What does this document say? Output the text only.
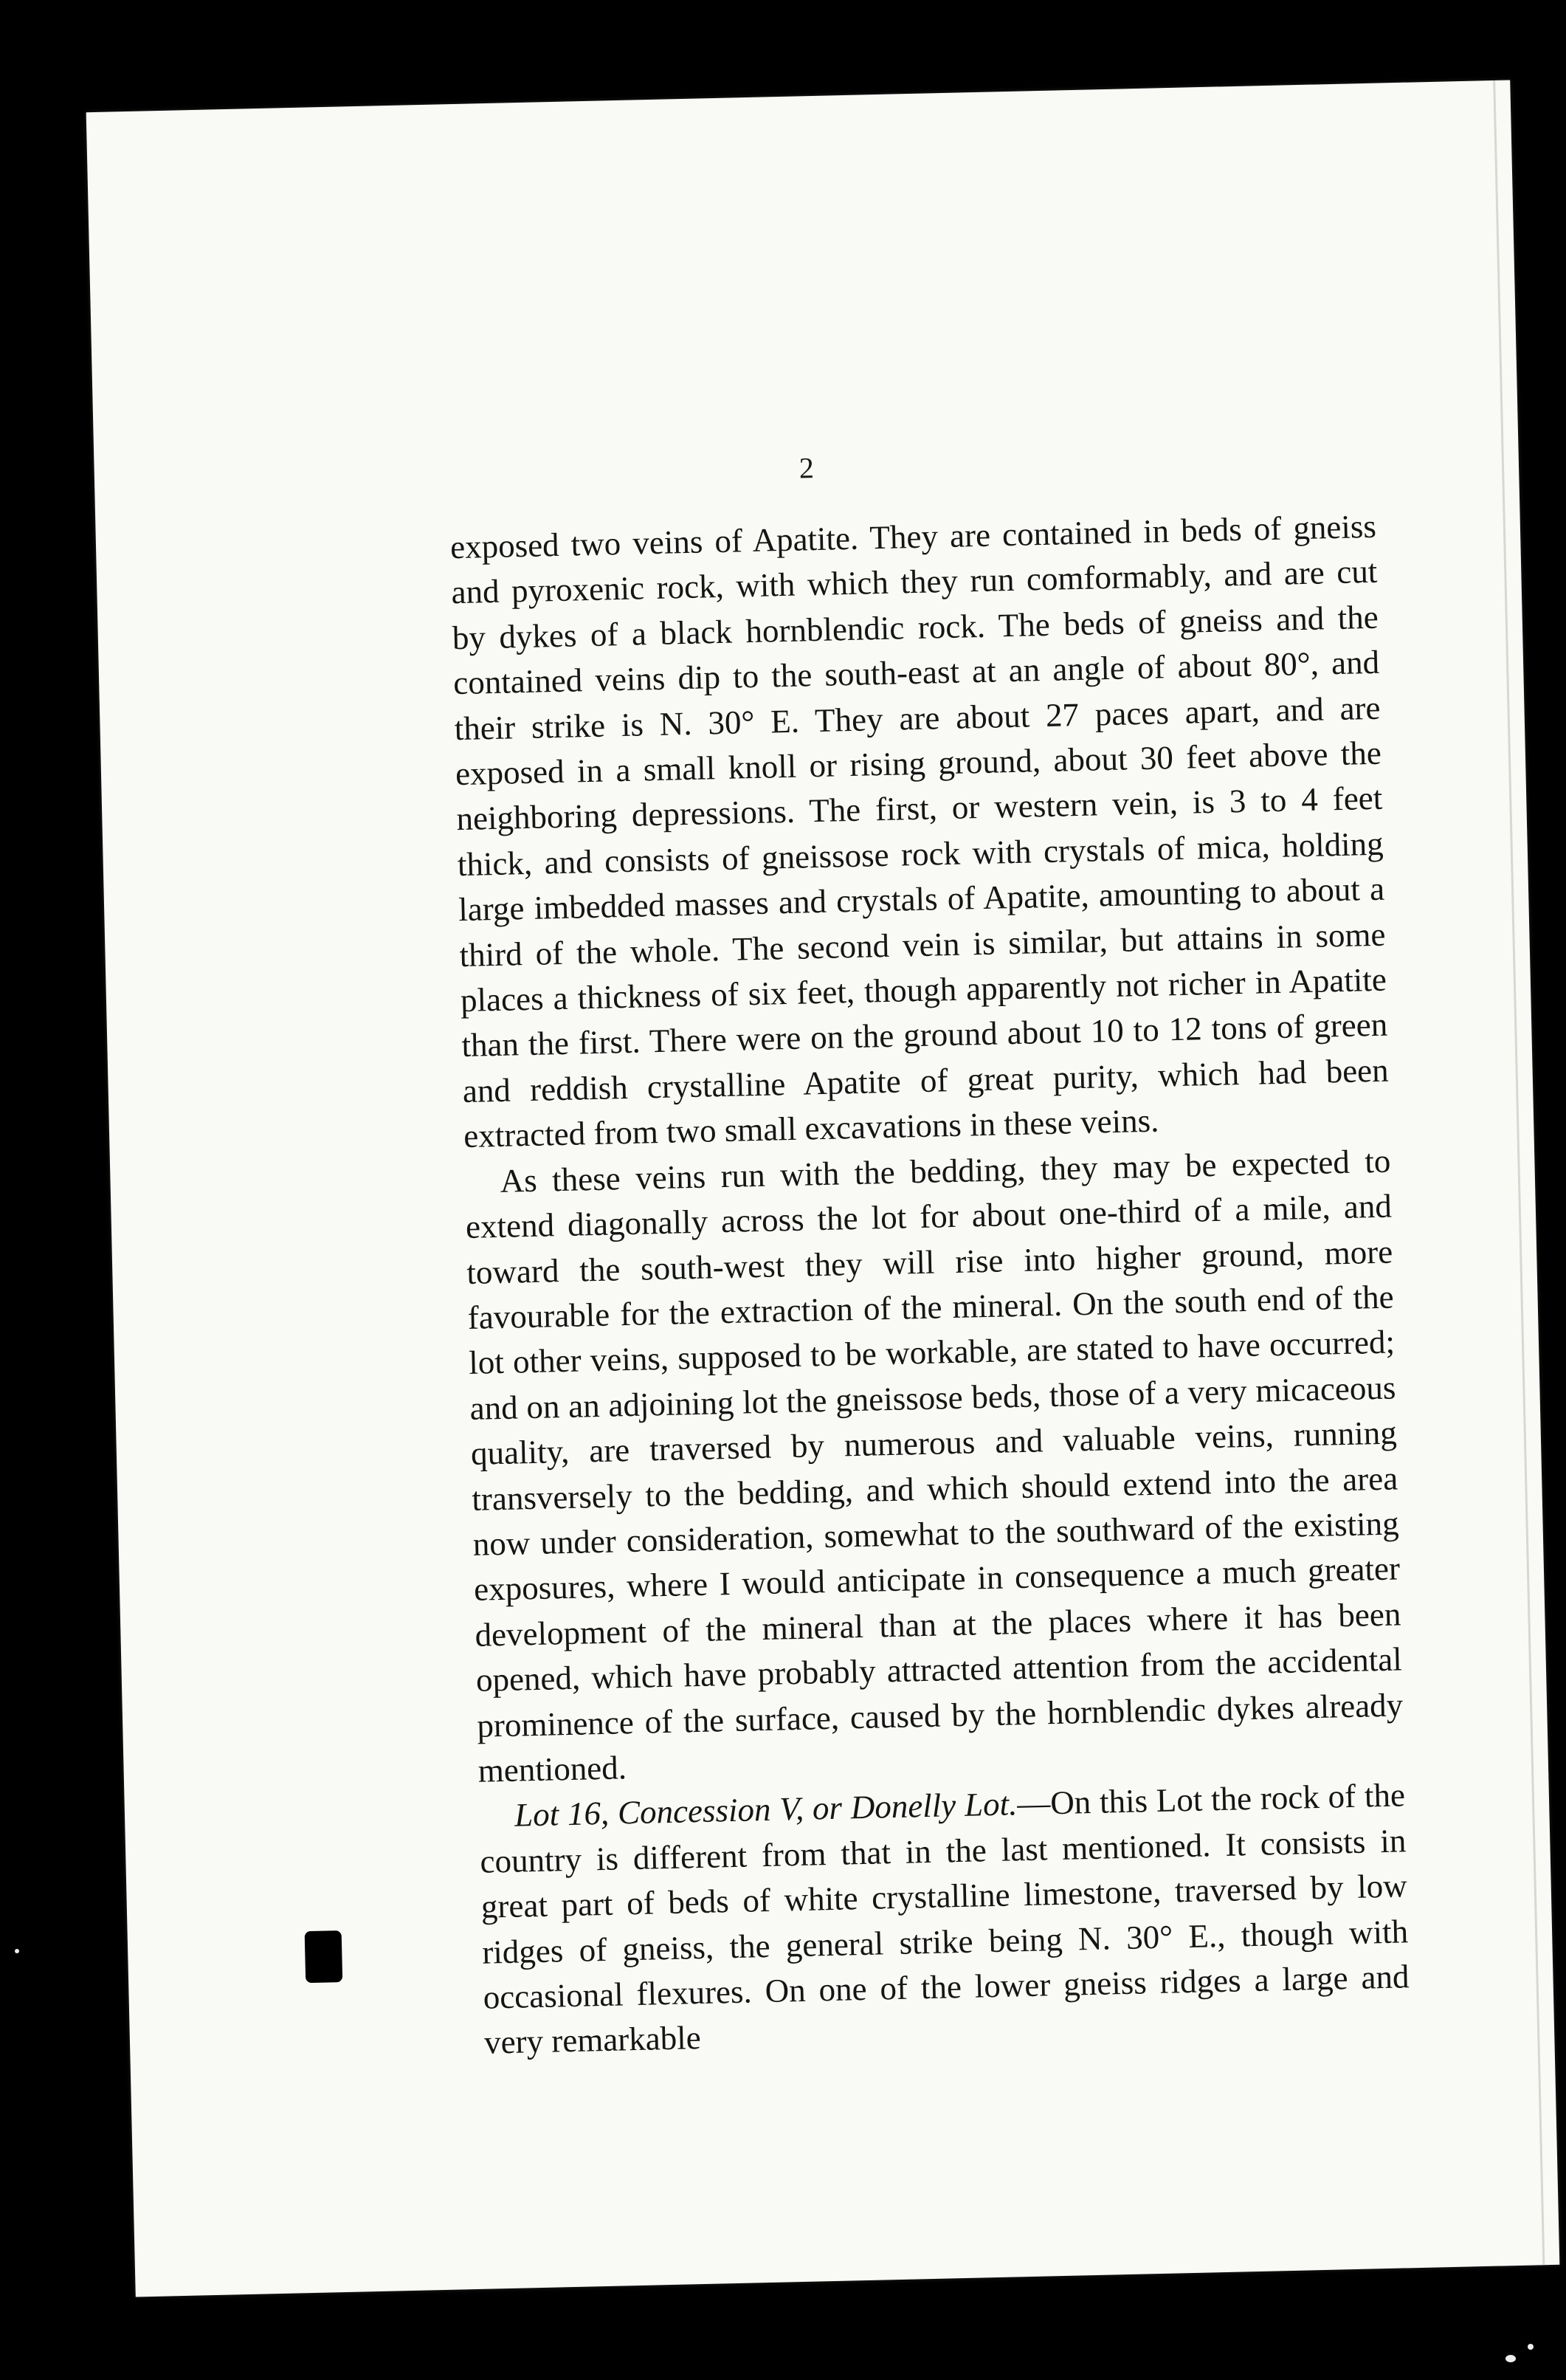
2

exposed two veins of Apatite. They are contained in beds of gneiss and pyroxenic rock, with which they run comformably, and are cut by dykes of a black hornblendic rock. The beds of gneiss and the contained veins dip to the south-east at an angle of about 80°, and their strike is N. 30° E. They are about 27 paces apart, and are exposed in a small knoll or rising ground, about 30 feet above the neighboring depressions. The first, or western vein, is 3 to 4 feet thick, and consists of gneissose rock with crystals of mica, holding large imbedded masses and crystals of Apatite, amounting to about a third of the whole. The second vein is similar, but attains in some places a thickness of six feet, though apparently not richer in Apatite than the first. There were on the ground about 10 to 12 tons of green and reddish crystalline Apatite of great purity, which had been extracted from two small excavations in these veins.

As these veins run with the bedding, they may be expected to extend diagonally across the lot for about one-third of a mile, and toward the south-west they will rise into higher ground, more favourable for the extraction of the mineral. On the south end of the lot other veins, supposed to be workable, are stated to have occurred; and on an adjoining lot the gneissose beds, those of a very micaceous quality, are traversed by numerous and valuable veins, running transversely to the bedding, and which should extend into the area now under consideration, somewhat to the southward of the existing exposures, where I would anticipate in consequence a much greater development of the mineral than at the places where it has been opened, which have probably attracted attention from the accidental prominence of the surface, caused by the hornblendic dykes already mentioned.

Lot 16, Concession V, or Donelly Lot.—On this Lot the rock of the country is different from that in the last mentioned. It consists in great part of beds of white crystalline limestone, traversed by low ridges of gneiss, the general strike being N. 30° E., though with occasional flexures. On one of the lower gneiss ridges a large and very remarkable
